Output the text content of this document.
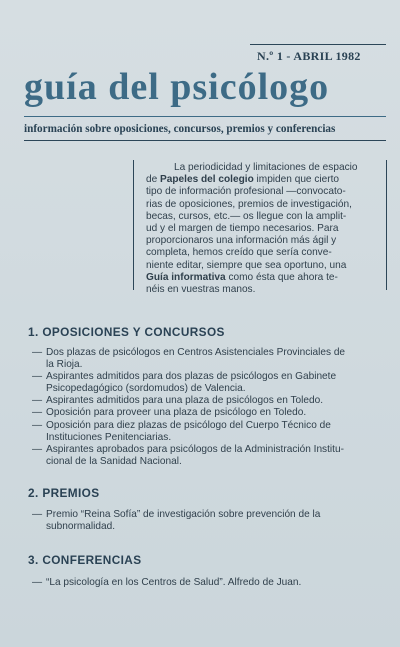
N.º 1 - ABRIL 1982
guía del psicólogo
información sobre oposiciones, concursos, premios y conferencias
La periodicidad y limitaciones de espacio
de Papeles del colegio impiden que cierto
tipo de información profesional —convocato-
rias de oposiciones, premios de investigación,
becas, cursos, etc.— os llegue con la amplit-
ud y el margen de tiempo necesarios. Para
proporcionaros una información más ágil y
completa, hemos creído que sería conve-
niente editar, siempre que sea oportuno, una
Guía informativa como ésta que ahora te-
néis en vuestras manos.
1. OPOSICIONES Y CONCURSOS
— Dos plazas de psicólogos en Centros Asistenciales Provinciales de
la Rioja.
— Aspirantes admitidos para dos plazas de psicólogos en Gabinete
Psicopedagógico (sordomudos) de Valencia.
— Aspirantes admitidos para una plaza de psicólogos en Toledo.
— Oposición para proveer una plaza de psicólogo en Toledo.
— Oposición para diez plazas de psicólogo del Cuerpo Técnico de
Instituciones Penitenciarias.
— Aspirantes aprobados para psicólogos de la Administración Institu-
cional de la Sanidad Nacional.
2. PREMIOS
— Premio “Reina Sofía” de investigación sobre prevención de la
subnormalidad.
3. CONFERENCIAS
— “La psicología en los Centros de Salud”. Alfredo de Juan.
